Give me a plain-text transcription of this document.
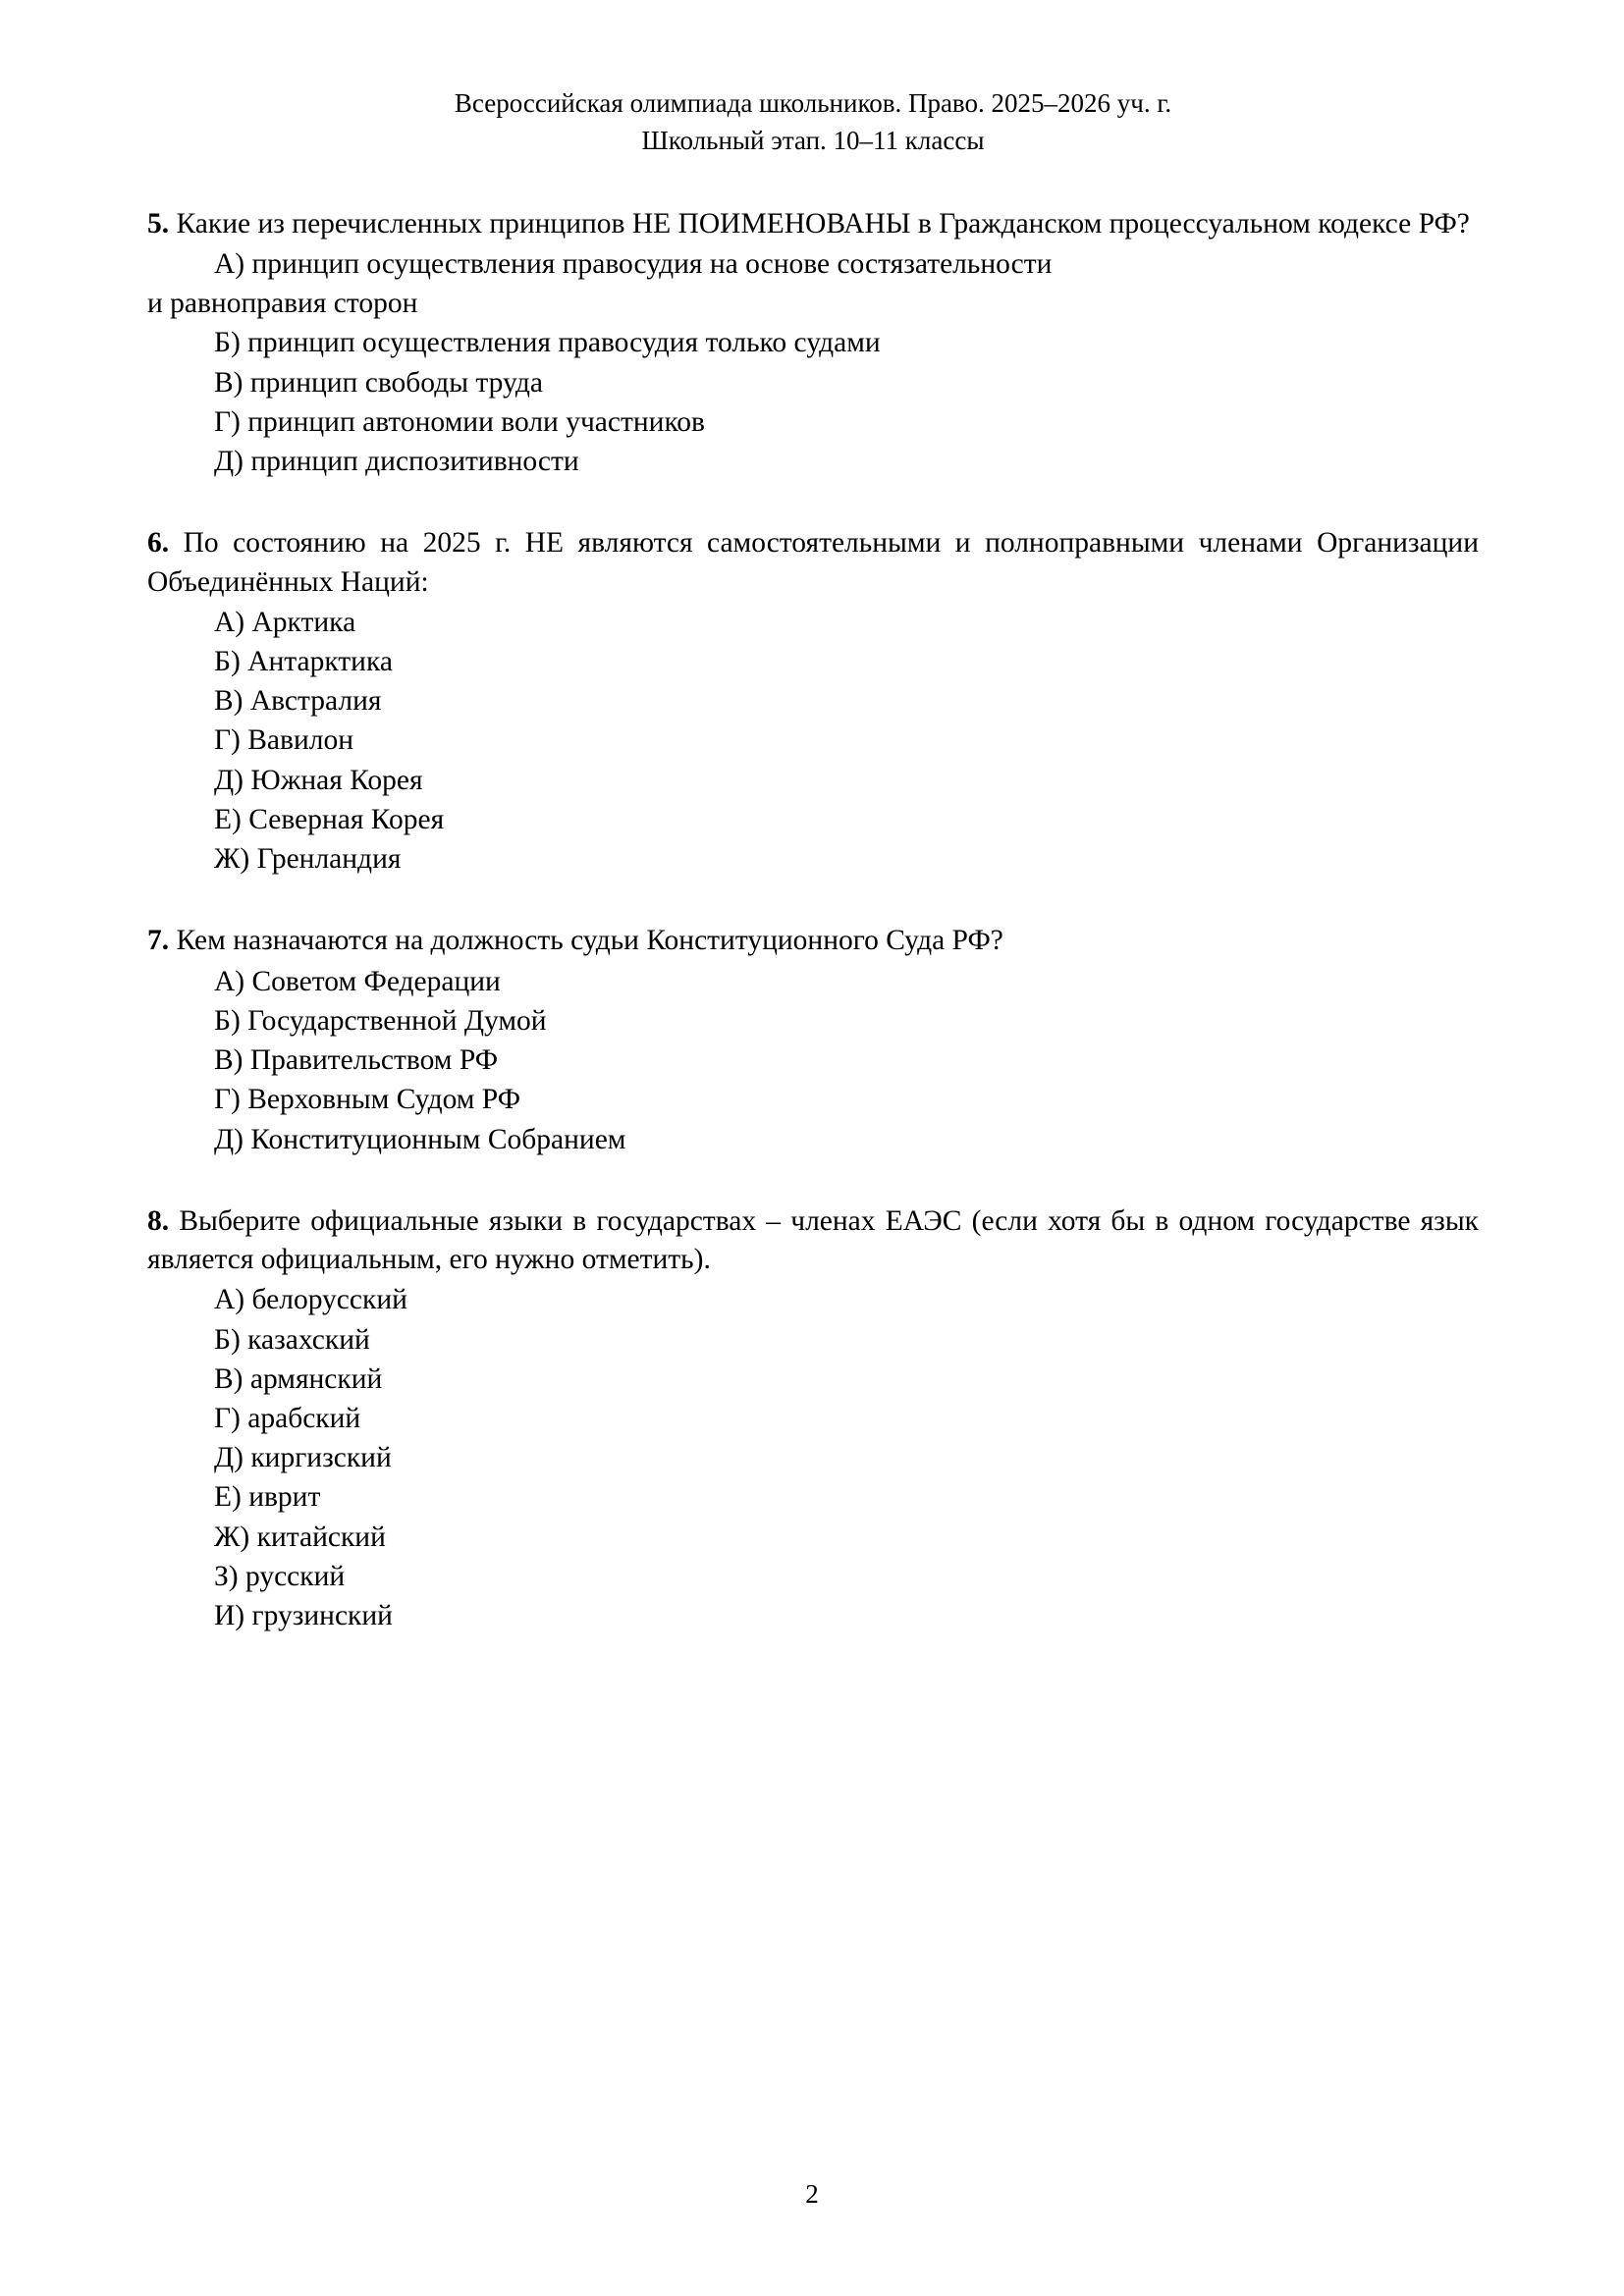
Всероссийская олимпиада школьников. Право. 2025–2026 уч. г.
Школьный этап. 10–11 классы

5. Какие из перечисленных принципов НЕ ПОИМЕНОВАНЫ в Гражданском процессуальном кодексе РФ?

А) принцип осуществления правосудия на основе состязательности
и равноправия сторон
Б) принцип осуществления правосудия только судами
В) принцип свободы труда
Г) принцип автономии воли участников
Д) принцип диспозитивности

6. По состоянию на 2025 г. НЕ являются самостоятельными и полноправными членами Организации Объединённых Наций:

А) Арктика
Б) Антарктика
В) Австралия
Г) Вавилон
Д) Южная Корея
Е) Северная Корея
Ж) Гренландия

7. Кем назначаются на должность судьи Конституционного Суда РФ?

А) Советом Федерации
Б) Государственной Думой
В) Правительством РФ
Г) Верховным Судом РФ
Д) Конституционным Собранием

8. Выберите официальные языки в государствах – членах ЕАЭС (если хотя бы в одном государстве язык является официальным, его нужно отметить).

А) белорусский
Б) казахский
В) армянский
Г) арабский
Д) киргизский
Е) иврит
Ж) китайский
З) русский
И) грузинский
2
